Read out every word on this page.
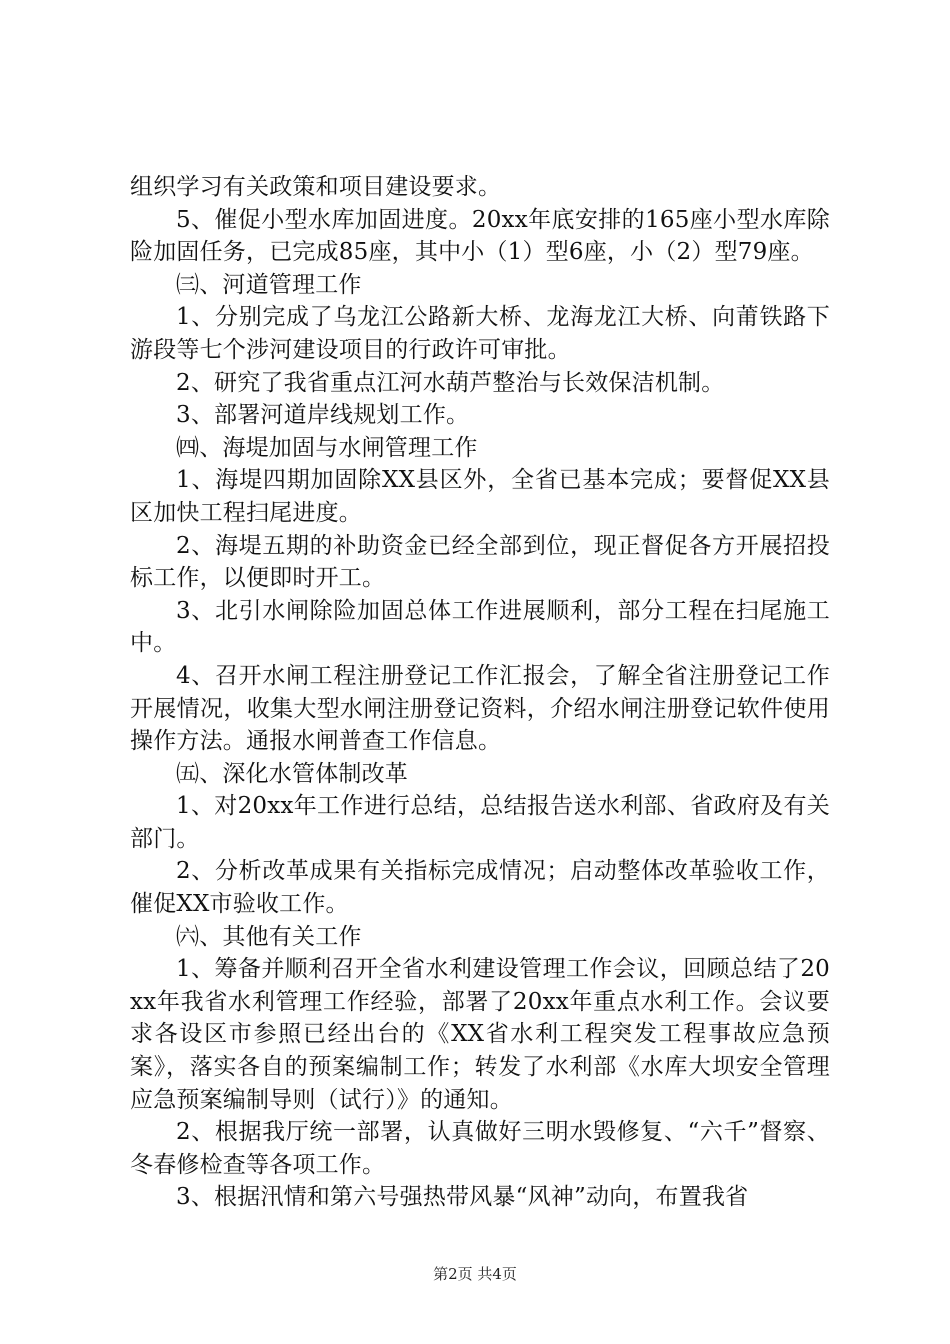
组织学习有关政策和项目建设要求。

5、催促小型水库加固进度。20xx年底安排的165座小型水库除险加固任务，已完成85座，其中小（1）型6座，小（2）型79座。

㈢、河道管理工作

1、分别完成了乌龙江公路新大桥、龙海龙江大桥、向莆铁路下游段等七个涉河建设项目的行政许可审批。

2、研究了我省重点江河水葫芦整治与长效保洁机制。

3、部署河道岸线规划工作。

㈣、海堤加固与水闸管理工作

1、海堤四期加固除XX县区外，全省已基本完成；要督促XX县区加快工程扫尾进度。

2、海堤五期的补助资金已经全部到位，现正督促各方开展招投标工作，以便即时开工。

3、北引水闸除险加固总体工作进展顺利，部分工程在扫尾施工中。

4、召开水闸工程注册登记工作汇报会，了解全省注册登记工作开展情况，收集大型水闸注册登记资料，介绍水闸注册登记软件使用操作方法。通报水闸普查工作信息。

㈤、深化水管体制改革

1、对20xx年工作进行总结，总结报告送水利部、省政府及有关部门。

2、分析改革成果有关指标完成情况；启动整体改革验收工作，催促XX市验收工作。

㈥、其他有关工作

1、筹备并顺利召开全省水利建设管理工作会议，回顾总结了20xx年我省水利管理工作经验，部署了20xx年重点水利工作。会议要求各设区市参照已经出台的《XX省水利工程突发工程事故应急预案》，落实各自的预案编制工作；转发了水利部《水库大坝安全管理应急预案编制导则（试行）》的通知。

2、根据我厅统一部署，认真做好三明水毁修复、“六千”督察、冬春修检查等各项工作。

3、根据汛情和第六号强热带风暴“风神”动向，布置我省

第2页 共4页
